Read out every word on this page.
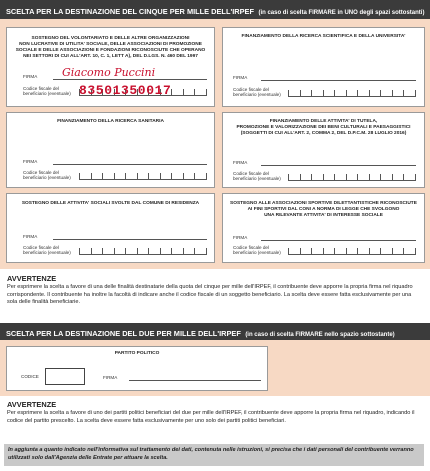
SCELTA PER LA DESTINAZIONE DEL CINQUE PER MILLE DELL'IRPEF (in caso di scelta FIRMARE in UNO degli spazi sottostanti)
SOSTEGNO DEL VOLONTARIATO E DELLE ALTRE ORGANIZZAZIONI
NON LUCRATIVE DI UTILITA' SOCIALE, DELLE ASSOCIAZIONI DI PROMOZIONE
SOCIALE E DELLE ASSOCIAZIONI E FONDAZIONI RICONOSCIUTE CHE OPERANO
NEI SETTORI DI CUI ALL'ART. 10, C. 1, LETT A), DEL D.LGS. N. 460 DEL 1997
FIRMA Giacomo Puccini
Codice fiscale del
beneficiario (eventuale) 83501350017
FINANZIAMENTO DELLA RICERCA SCIENTIFICA E DELLA UNIVERSITA'
FIRMA
Codice fiscale del
beneficiario (eventuale)
FINANZIAMENTO DELLA RICERCA SANITARIA
FIRMA
Codice fiscale del
beneficiario (eventuale)
FINANZIAMENTO DELLE ATTIVITA' DI TUTELA,
PROMOZIONE E VALORIZZAZIONE DEI BENI CULTURALI E PAESAGGISTICI
(SOGGETTI DI CUI ALL'ART. 2, COMMA 2, DEL D.P.C.M. 28 LUGLIO 2016)
FIRMA
Codice fiscale del
beneficiario (eventuale)
SOSTEGNO DELLE ATTIVITA' SOCIALI SVOLTE DAL COMUNE DI RESIDENZA
FIRMA
Codice fiscale del
beneficiario (eventuale)
SOSTEGNO ALLE ASSOCIAZIONI SPORTIVE DILETTANTISTICHE RICONOSCIUTE
AI FINI SPORTIVI DAL CONI A NORMA DI LEGGE CHE SVOLGONO
UNA RILEVANTE ATTIVITA' DI INTERESSE SOCIALE
FIRMA
Codice fiscale del
beneficiario (eventuale)
AVVERTENZE
Per esprimere la scelta a favore di una delle finalità destinatarie della quota del cinque per mille dell'IRPEF, il contribuente deve apporre la propria firma nel riquadro corrispondente. Il contribuente ha inoltre la facoltà di indicare anche il codice fiscale di un soggetto beneficiario. La scelta deve essere fatta esclusivamente per una sola delle finalità beneficiarie.
SCELTA PER LA DESTINAZIONE DEL DUE PER MILLE DELL'IRPEF (in caso di scelta FIRMARE nello spazio sottostante)
PARTITO POLITICO
CODICE	FIRMA
AVVERTENZE
Per esprimere la scelta a favore di uno dei partiti politici beneficiari del due per mille dell'IRPEF, il contribuente deve apporre la propria firma nel riquadro, indicando il codice del partito prescelto. La scelta deve essere fatta esclusivamente per uno solo dei partiti politici beneficiari.
In aggiunta a quanto indicato nell'informativa sul trattamento dei dati, contenuta nelle istruzioni, si precisa che i dati personali del contribuente verranno utilizzati solo dall'Agenzia delle Entrate per attuare la scelta.
